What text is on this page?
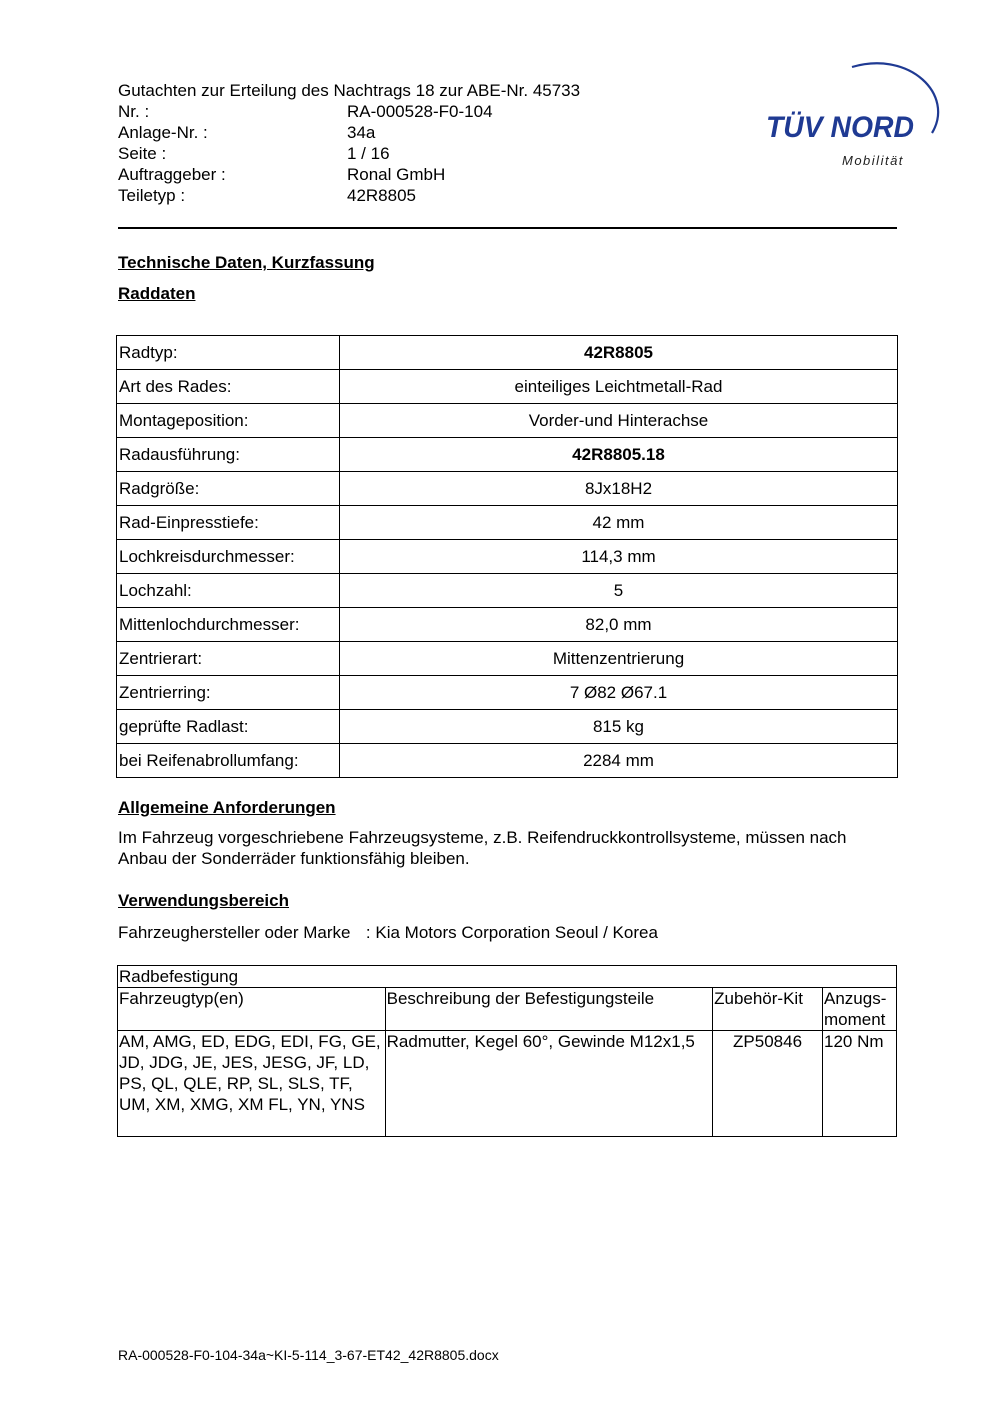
Gutachten zur Erteilung des Nachtrags 18 zur ABE-Nr. 45733
Nr. :	RA-000528-F0-104
Anlage-Nr. :	34a
Seite :	1 / 16
Auftraggeber :	Ronal GmbH
Teiletyp :	42R8805
TÜV NORD
Mobilität
Technische Daten, Kurzfassung
Raddaten
Radtyp:	42R8805
Art des Rades:	einteiliges Leichtmetall-Rad
Montageposition:	Vorder-und Hinterachse
Radausführung:	42R8805.18
Radgröße:	8Jx18H2
Rad-Einpresstiefe:	42 mm
Lochkreisdurchmesser:	114,3 mm
Lochzahl:	5
Mittenlochdurchmesser:	82,0 mm
Zentrierart:	Mittenzentrierung
Zentrierring:	7 Ø82 Ø67.1
geprüfte Radlast:	815 kg
bei Reifenabrollumfang:	2284 mm
Allgemeine Anforderungen
Im Fahrzeug vorgeschriebene Fahrzeugsysteme, z.B. Reifendruckkontrollsysteme, müssen nach Anbau der Sonderräder funktionsfähig bleiben.
Verwendungsbereich
Fahrzeughersteller oder Marke : Kia Motors Corporation Seoul / Korea
Radbefestigung			
Fahrzeugtyp(en)	Beschreibung der Befestigungsteile	Zubehör-Kit	Anzugs-moment
AM, AMG, ED, EDG, EDI, FG, GE, JD, JDG, JE, JES, JESG, JF, LD, PS, QL, QLE, RP, SL, SLS, TF, UM, XM, XMG, XM FL, YN, YNS	Radmutter, Kegel 60°, Gewinde M12x1,5	ZP50846	120 Nm
RA-000528-F0-104-34a~KI-5-114_3-67-ET42_42R8805.docx
